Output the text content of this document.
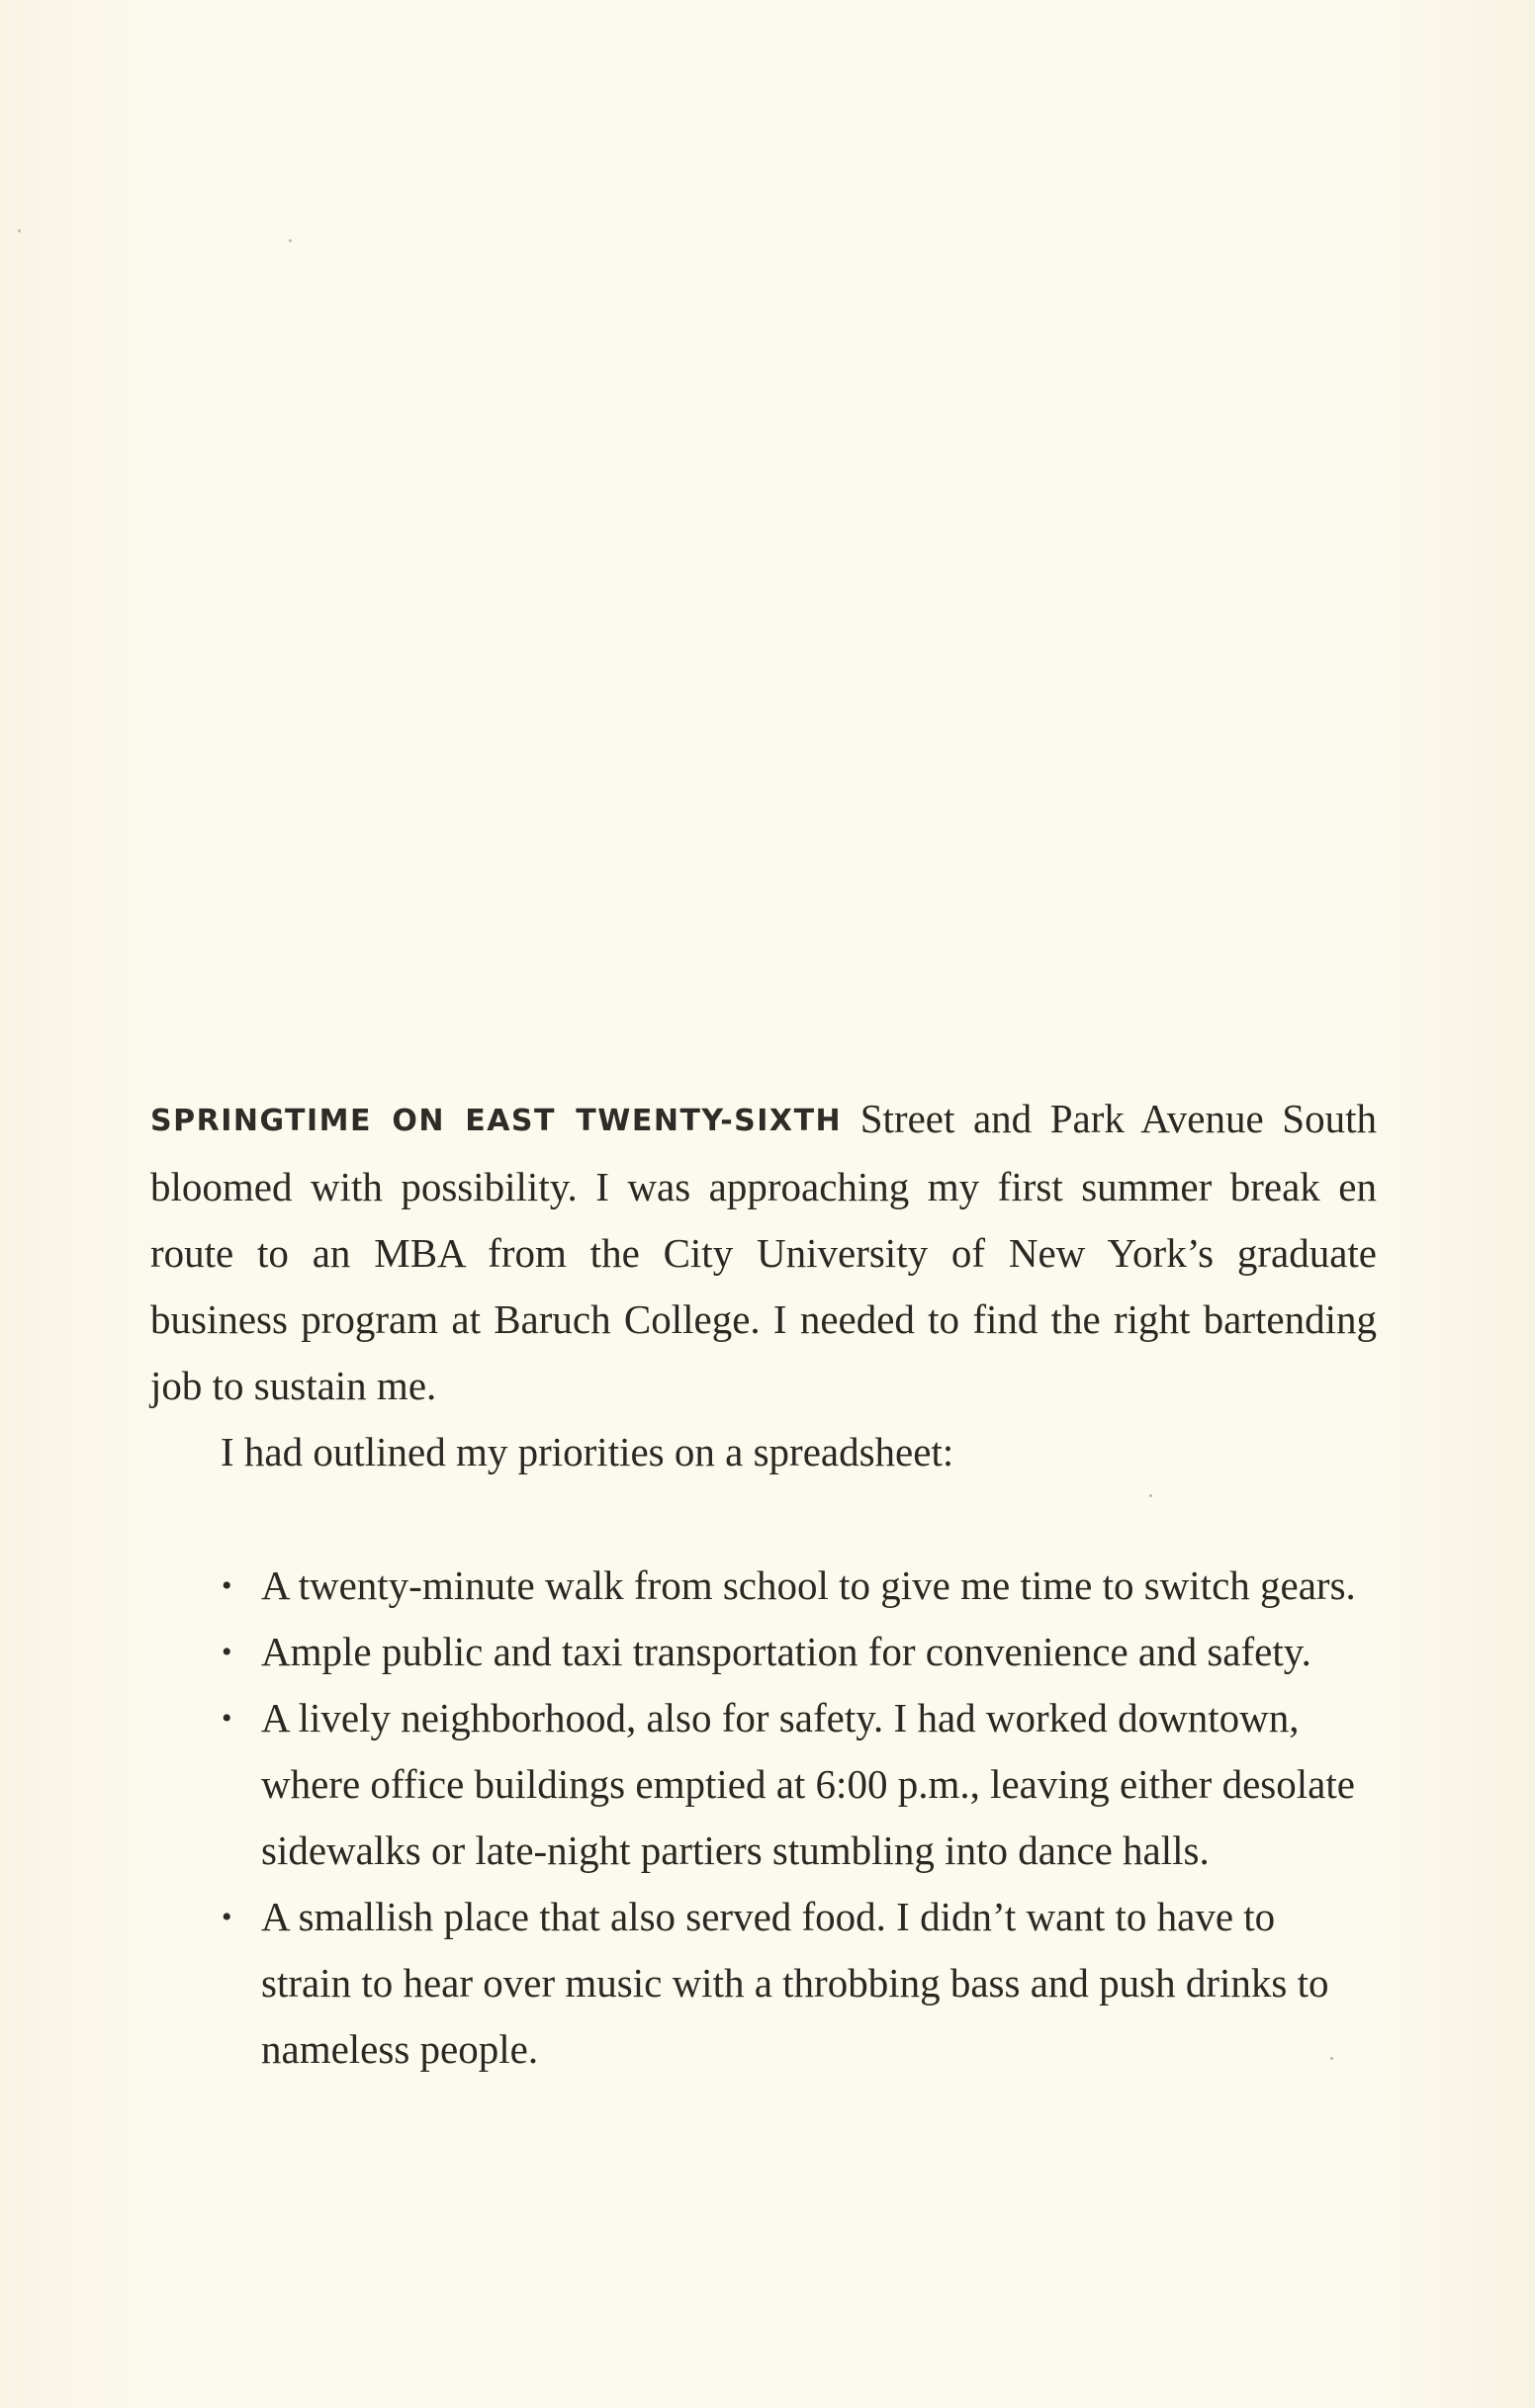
SPRINGTIME ON EAST TWENTY-SIXTH Street and Park Avenue South bloomed with possibility. I was approaching my first summer break en route to an MBA from the City University of New York’s graduate business program at Baruch College. I needed to find the right bartending job to sustain me.

I had outlined my priorities on a spreadsheet:

• A twenty-minute walk from school to give me time to switch gears.
• Ample public and taxi transportation for convenience and safety.
• A lively neighborhood, also for safety. I had worked downtown, where office buildings emptied at 6:00 p.m., leaving either desolate sidewalks or late-night partiers stumbling into dance halls.
• A smallish place that also served food. I didn’t want to have to strain to hear over music with a throbbing bass and push drinks to nameless people.
